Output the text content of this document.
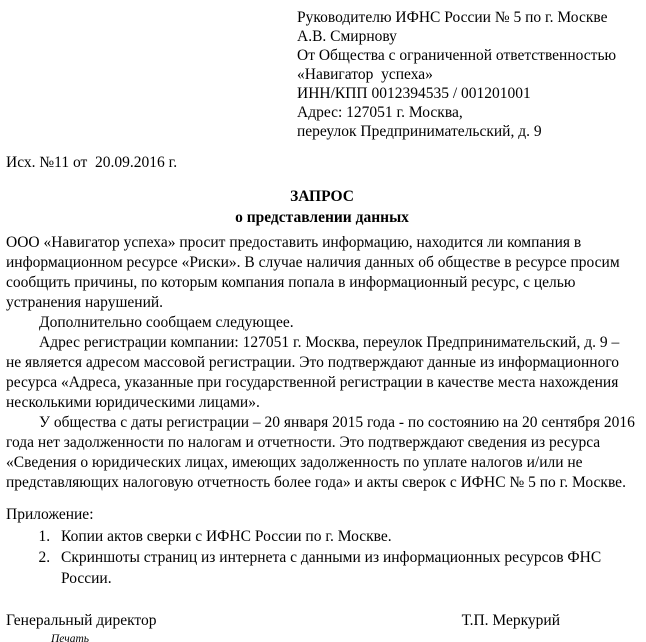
Руководителю ИФНС России № 5 по г. Москве
А.В. Смирнову
От Общества с ограниченной ответственностью
«Навигатор  успеха»
ИНН/КПП 0012394535 / 001201001
Адрес: 127051 г. Москва,
переулок Предпринимательский, д. 9
Исх. №11 от  20.09.2016 г.
ЗАПРОС
о представлении данных

ООО «Навигатор успеха» просит предоставить информацию, находится ли компания в информационном ресурсе «Риски». В случае наличия данных об обществе в ресурсе просим сообщить причины, по которым компания попала в информационный ресурс, с целью устранения нарушений.

Дополнительно сообщаем следующее.

Адрес регистрации компании: 127051 г. Москва, переулок Предпринимательский, д. 9 – не является адресом массовой регистрации. Это подтверждают данные из информационного ресурса «Адреса, указанные при государственной регистрации в качестве места нахождения несколькими юридическими лицами».

У общества с даты регистрации – 20 января 2015 года - по состоянию на 20 сентября 2016 года нет задолженности по налогам и отчетности. Это подтверждают сведения из ресурса «Сведения о юридических лицах, имеющих задолженность по уплате налогов и/или не представляющих налоговую отчетность более года» и акты сверок с ИФНС № 5 по г. Москве.

Приложение:

1. Копии актов сверки с ИФНС России по г. Москве.
2. Скриншоты страниц из интернета с данными из информационных ресурсов ФНС России.
Генеральный директор	Т.П. Меркурий
Печать
